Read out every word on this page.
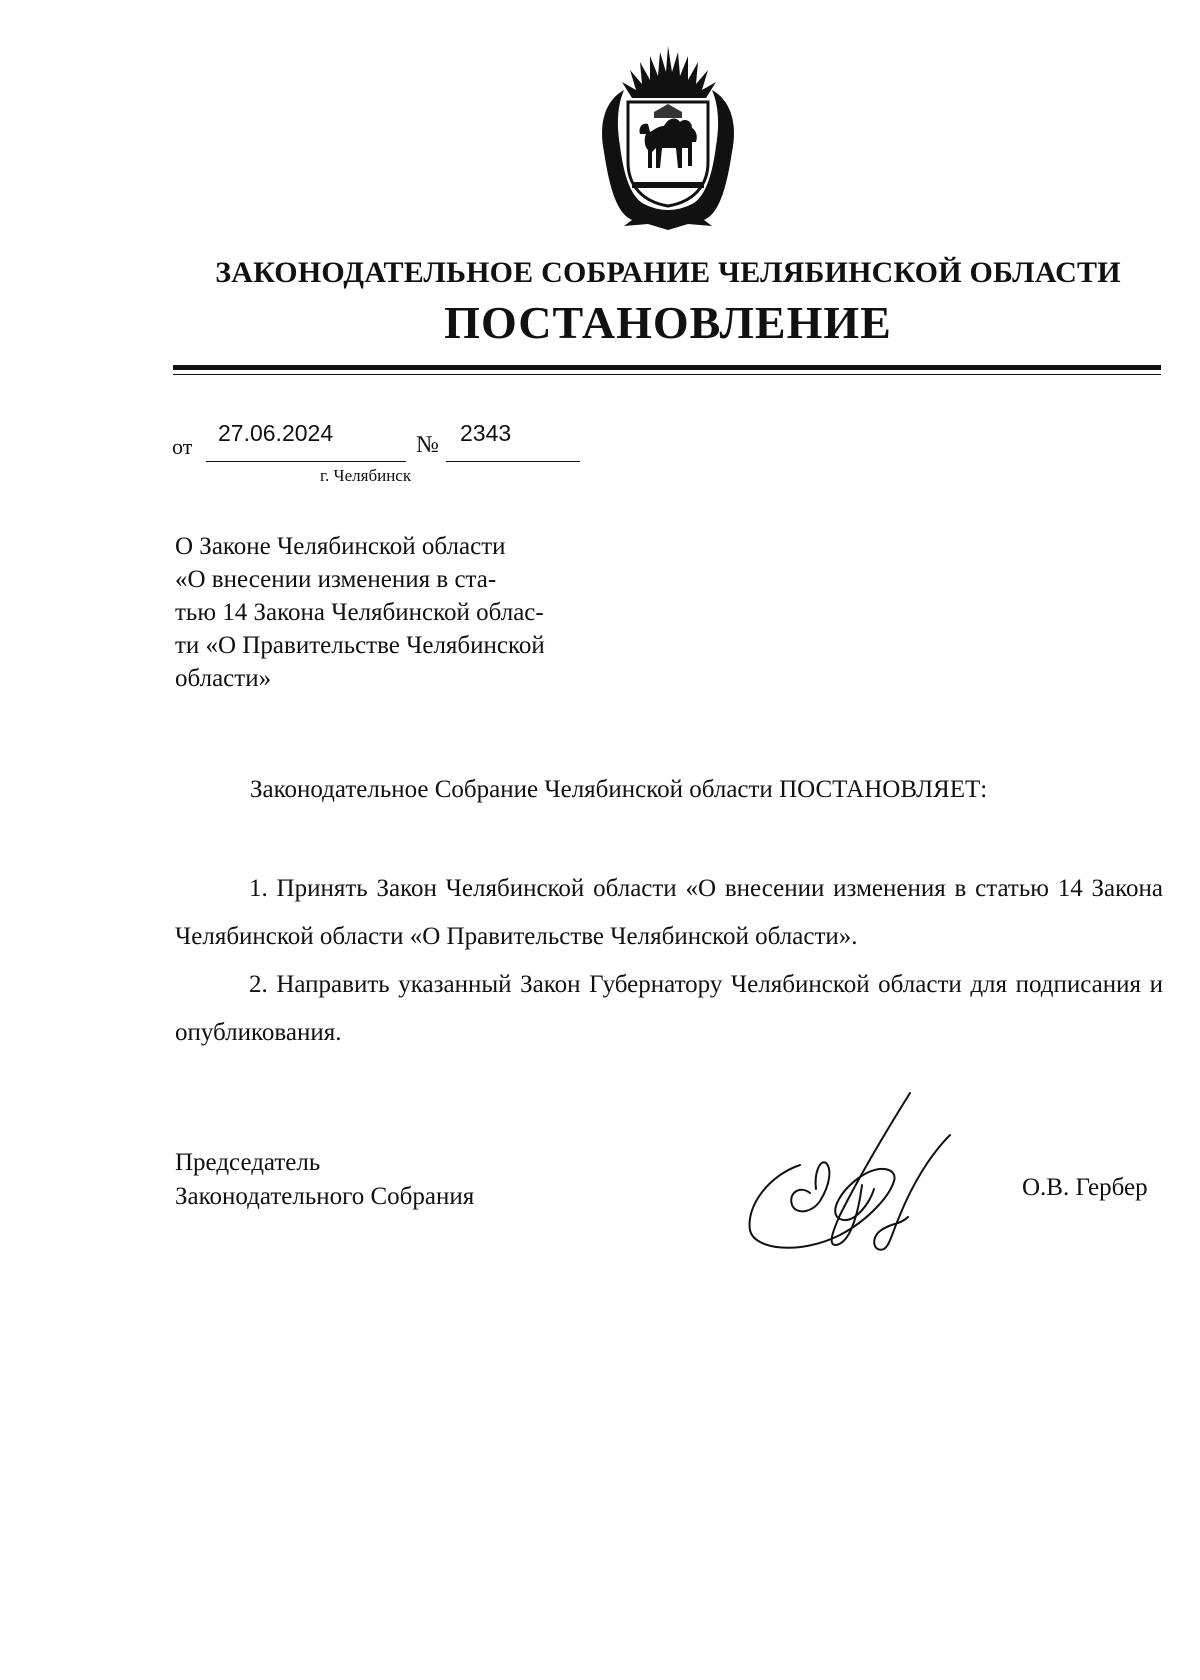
ЗАКОНОДАТЕЛЬНОЕ СОБРАНИЕ ЧЕЛЯБИНСКОЙ ОБЛАСТИ
ПОСТАНОВЛЕНИЕ
от
27.06.2024	№ 2343
г. Челябинск

О Законе Челябинской области

«О внесении изменения в ста-

тью 14 Закона Челябинской облас-

ти «О Правительстве Челябинской

области»

Законодательное Собрание Челябинской области ПОСТАНОВЛЯЕТ:

1. Принять Закон Челябинской области «О внесении изменения в статью 14 Закона Челябинской области «О Правительстве Челябинской области».

2. Направить указанный Закон Губернатору Челябинской области для подписания и опубликования.

Председатель
Законодательного Собрания	О.В. Гербер
